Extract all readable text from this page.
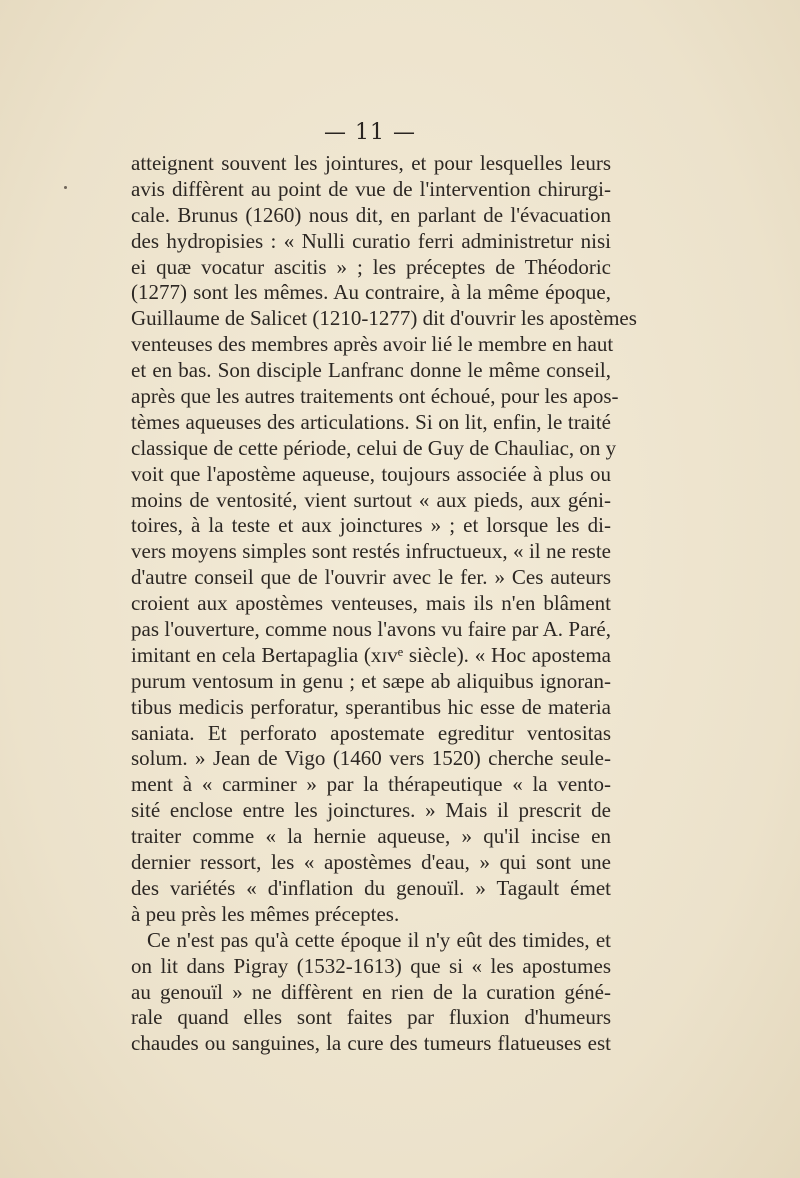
— 11 —
atteignent souvent les jointures, et pour lesquelles leurs
avis diffèrent au point de vue de l'intervention chirurgi-
cale. Brunus (1260) nous dit, en parlant de l'évacuation
des hydropisies : « Nulli curatio ferri administretur nisi
ei quæ vocatur ascitis » ; les préceptes de Théodoric
(1277) sont les mêmes. Au contraire, à la même époque,
Guillaume de Salicet (1210-1277) dit d'ouvrir les apostèmes
venteuses des membres après avoir lié le membre en haut
et en bas. Son disciple Lanfranc donne le même conseil,
après que les autres traitements ont échoué, pour les apos-
tèmes aqueuses des articulations. Si on lit, enfin, le traité
classique de cette période, celui de Guy de Chauliac, on y
voit que l'apostème aqueuse, toujours associée à plus ou
moins de ventosité, vient surtout « aux pieds, aux géni-
toires, à la teste et aux joinctures » ; et lorsque les di-
vers moyens simples sont restés infructueux, « il ne reste
d'autre conseil que de l'ouvrir avec le fer. » Ces auteurs
croient aux apostèmes venteuses, mais ils n'en blâment
pas l'ouverture, comme nous l'avons vu faire par A. Paré,
imitant en cela Bertapaglia (xɪᴠᵉ siècle). « Hoc apostema
purum ventosum in genu ; et sæpe ab aliquibus ignoran-
tibus medicis perforatur, sperantibus hic esse de materia
saniata. Et perforato apostemate egreditur ventositas
solum. » Jean de Vigo (1460 vers 1520) cherche seule-
ment à « carminer » par la thérapeutique « la vento-
sité enclose entre les joinctures. » Mais il prescrit de
traiter comme « la hernie aqueuse, » qu'il incise en
dernier ressort, les « apostèmes d'eau, » qui sont une
des variétés « d'inflation du genouïl. » Tagault émet
à peu près les mêmes préceptes.
Ce n'est pas qu'à cette époque il n'y eût des timides, et
on lit dans Pigray (1532-1613) que si « les apostumes
au genouïl » ne diffèrent en rien de la curation géné-
rale quand elles sont faites par fluxion d'humeurs
chaudes ou sanguines, la cure des tumeurs flatueuses est
